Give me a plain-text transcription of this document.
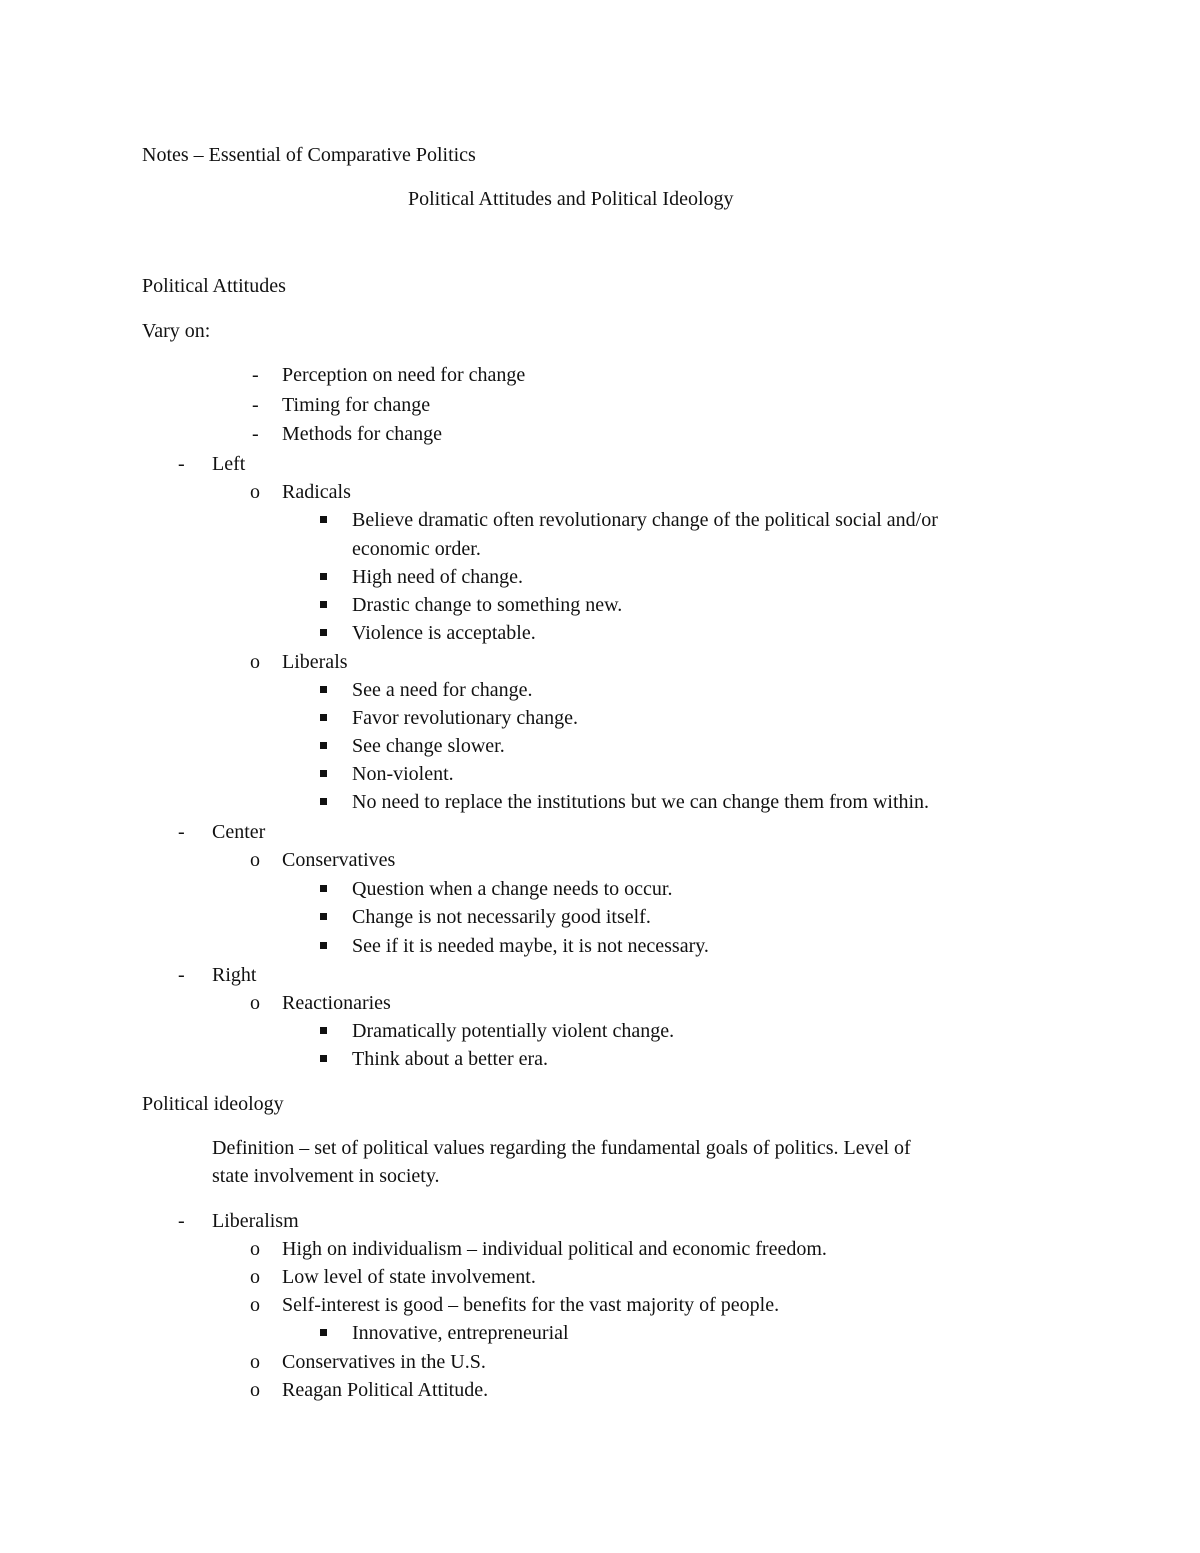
Notes – Essential of Comparative Politics
Political Attitudes and Political Ideology
Political Attitudes
Vary on:
- Perception on need for change
- Timing for change
- Methods for change
- Left
o Radicals
Believe dramatic often revolutionary change of the political social and/or
economic order.
High need of change.
Drastic change to something new.
Violence is acceptable.
o Liberals
See a need for change.
Favor revolutionary change.
See change slower.
Non-violent.
No need to replace the institutions but we can change them from within.
- Center
o Conservatives
Question when a change needs to occur.
Change is not necessarily good itself.
See if it is needed maybe, it is not necessary.
- Right
o Reactionaries
Dramatically potentially violent change.
Think about a better era.
Political ideology
Definition – set of political values regarding the fundamental goals of politics. Level of
state involvement in society.
- Liberalism
o High on individualism – individual political and economic freedom.
o Low level of state involvement.
o Self-interest is good – benefits for the vast majority of people.
Innovative, entrepreneurial
o Conservatives in the U.S.
o Reagan Political Attitude.
